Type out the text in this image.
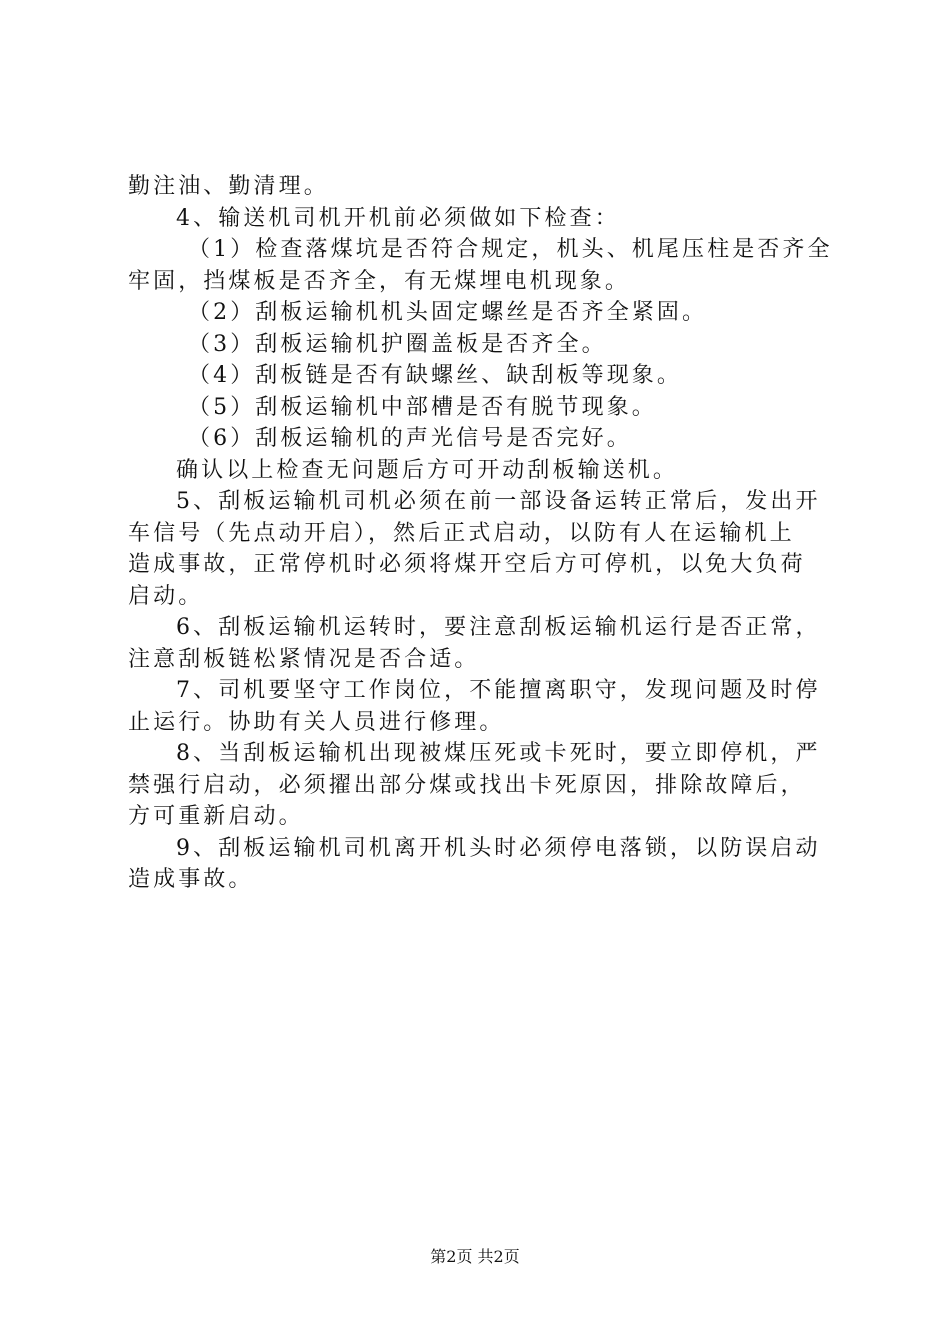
勤注油、勤清理。
4、输送机司机开机前必须做如下检查：
（1）检查落煤坑是否符合规定，机头、机尾压柱是否齐全
牢固，挡煤板是否齐全，有无煤埋电机现象。
（2）刮板运输机机头固定螺丝是否齐全紧固。
（3）刮板运输机护圈盖板是否齐全。
（4）刮板链是否有缺螺丝、缺刮板等现象。
（5）刮板运输机中部槽是否有脱节现象。
（6）刮板运输机的声光信号是否完好。
确认以上检查无问题后方可开动刮板输送机。
5、刮板运输机司机必须在前一部设备运转正常后，发出开
车信号（先点动开启），然后正式启动，以防有人在运输机上
造成事故，正常停机时必须将煤开空后方可停机，以免大负荷
启动。
6、刮板运输机运转时，要注意刮板运输机运行是否正常，
注意刮板链松紧情况是否合适。
7、司机要坚守工作岗位，不能擅离职守，发现问题及时停
止运行。协助有关人员进行修理。
8、当刮板运输机出现被煤压死或卡死时，要立即停机，严
禁强行启动，必须擢出部分煤或找出卡死原因，排除故障后，
方可重新启动。
9、刮板运输机司机离开机头时必须停电落锁，以防误启动
造成事故。
第2页 共2页
